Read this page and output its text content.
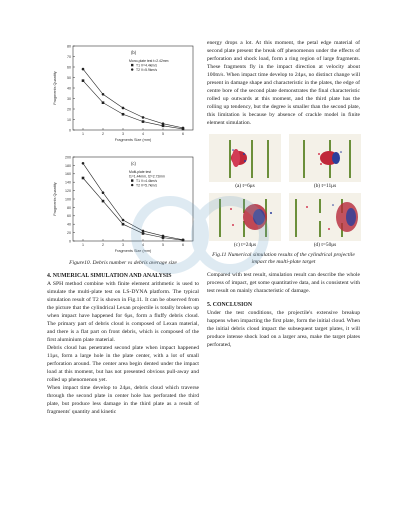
0
10
20
30
40
50
60
70
80
1	2	3	4	5	6
Fragments Size (mm)
Fragments Quantity
(b)
Mono-plate test t=2.42mm
T1 V=4.4km/s
T2 V=5.9km/s
0
20
40
60
80
100
120
140
160
180
200
1	2	3	4	5	6
Fragments Size (mm)
Fragments Quantity
(c)
Multi-plate test
t1=1.44mm, t2=2.72mm
T1 V=4.4km/s
T2 V=5.7km/s
Figure10. Debris number vs debris average size
4. NUMERICAL SIMULATION AND ANALYSIS

A SPH method combine with finite element arithmetic is used to simulate the multi-plate test on LS-DYNA platform. The typical simulation result of T2 is shown in Fig.11. It can be observed from the picture that the cylindrical Lexan projectile is totally broken up when impact have happened for 6μs, form a fluffy debris cloud. The primary part of debris cloud is composed of Lexan material, and there is a flat part on front debris, which is composed of the first aluminium plate material.

Debris cloud has penetrated second plate when impact happened 11μs, form a large hole in the plate center, with a lot of small perforation around. The center area begin dented under the impact load at this moment, but has not presented obvious pull-away and rolled up phenomenon yet.

When impact time develop to 24μs, debris cloud which traverse through the second plate in center hole has perforated the third plate, but produce less damage in the third plate as a result of fragments' quantity and kinetic

energy drops a lot. At this moment, the petal edge material of second plate present the break off phenomenon under the effects of perforation and shock load, form a ring region of large fragments. These fragments fly in the impact direction at velocity about 100m/s. When impact time develop to 24μs, no distinct change will present in damage shape and characteristic in the plates, the edge of centre bore of the second plate demonstrates the final characteristic rolled up outwards at this moment, and the third plate has the rolling up tendency, but the degree is smaller than the second plate, this limitation is because by absence of crackle model in finite element simulation.

(a) t=6μs	(b) t=11μs
(c) t=24μs	(d) t=50μs
Fig.11 Numerical simulation results of the cylindrical projectile impact the multi-plate target

Compared with test result, simulation result can describe the whole process of impact, get some quantitative data, and is consistent with test result on mainly characteristic of damage.

5. CONCLUSION

Under the test conditions, the projectile's extensive breakup happens when impacting the first plate, form the initial cloud. When the initial debris cloud impact the subsequent target plates, it will produce intense shock load on a larger area, make the target plates perforated,
